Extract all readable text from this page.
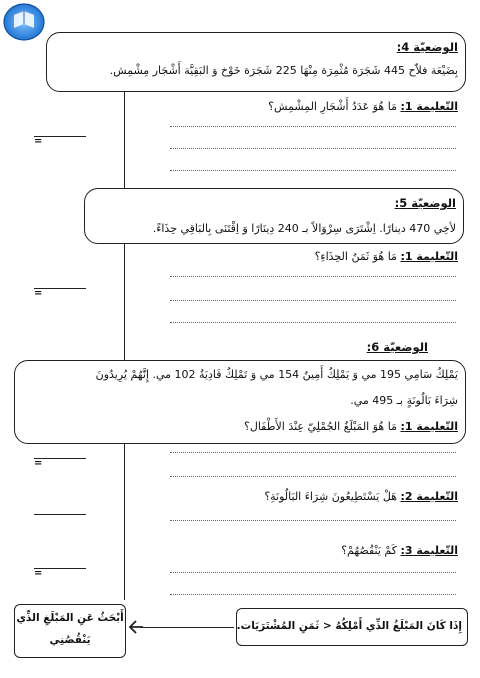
الوضعيّة 4:
بِضَيْعَة فلاّح 445 شَجَرَة مُثْمِرَة مِنْهَا 225 شَجَرَة خَوْخ وَ البَقِيَّة أَشْجَار مِشْمِش.
التّعليمة 1: مَا هُوَ عَدَدُ أَشْجَارِ المِشْمِش؟
=
الوضعيّة 5:
لأخِي 470 دينارًا. اِشْتَرَى سِرْوَالاً بـ 240 دِينَارًا وَ اِقْتَنَى بِالبَاقِي حِذَاءً.
التّعليمة 1: مَا هُوَ ثَمَنُ الحِذَاءِ؟
=
الوضعيّة 6:
يَمْلِكُ سَامِي 195 مي وَ يَمْلِكُ أَمِينُ 154 مي وَ تَمْلِكُ فَادِيَةُ 102 مي. إِنَّهُمْ يُرِيدُونَ
شِرَاءَ بَالُونَةٍ بـ 495 مي.
التّعليمة 1: مَا هُوَ المَبْلَغُ الجُمْلِيّ عِنْدَ الأَطْفَال؟
=
التّعليمة 2: هَلْ يَسْتَطِيعُونَ شِرَاءَ البَالُونَةِ؟
التّعليمة 3: كَمْ يَنْقُصُهُمْ؟
=
إِذَا كَانَ المَبْلَغُ الذِّي أَمْلِكُهُ < ثَمَنِ المُشْتَرَيَات.
أَبْحَثُ عَنِ المَبْلَغِ الذِّي
يَنْقُصُنِي
